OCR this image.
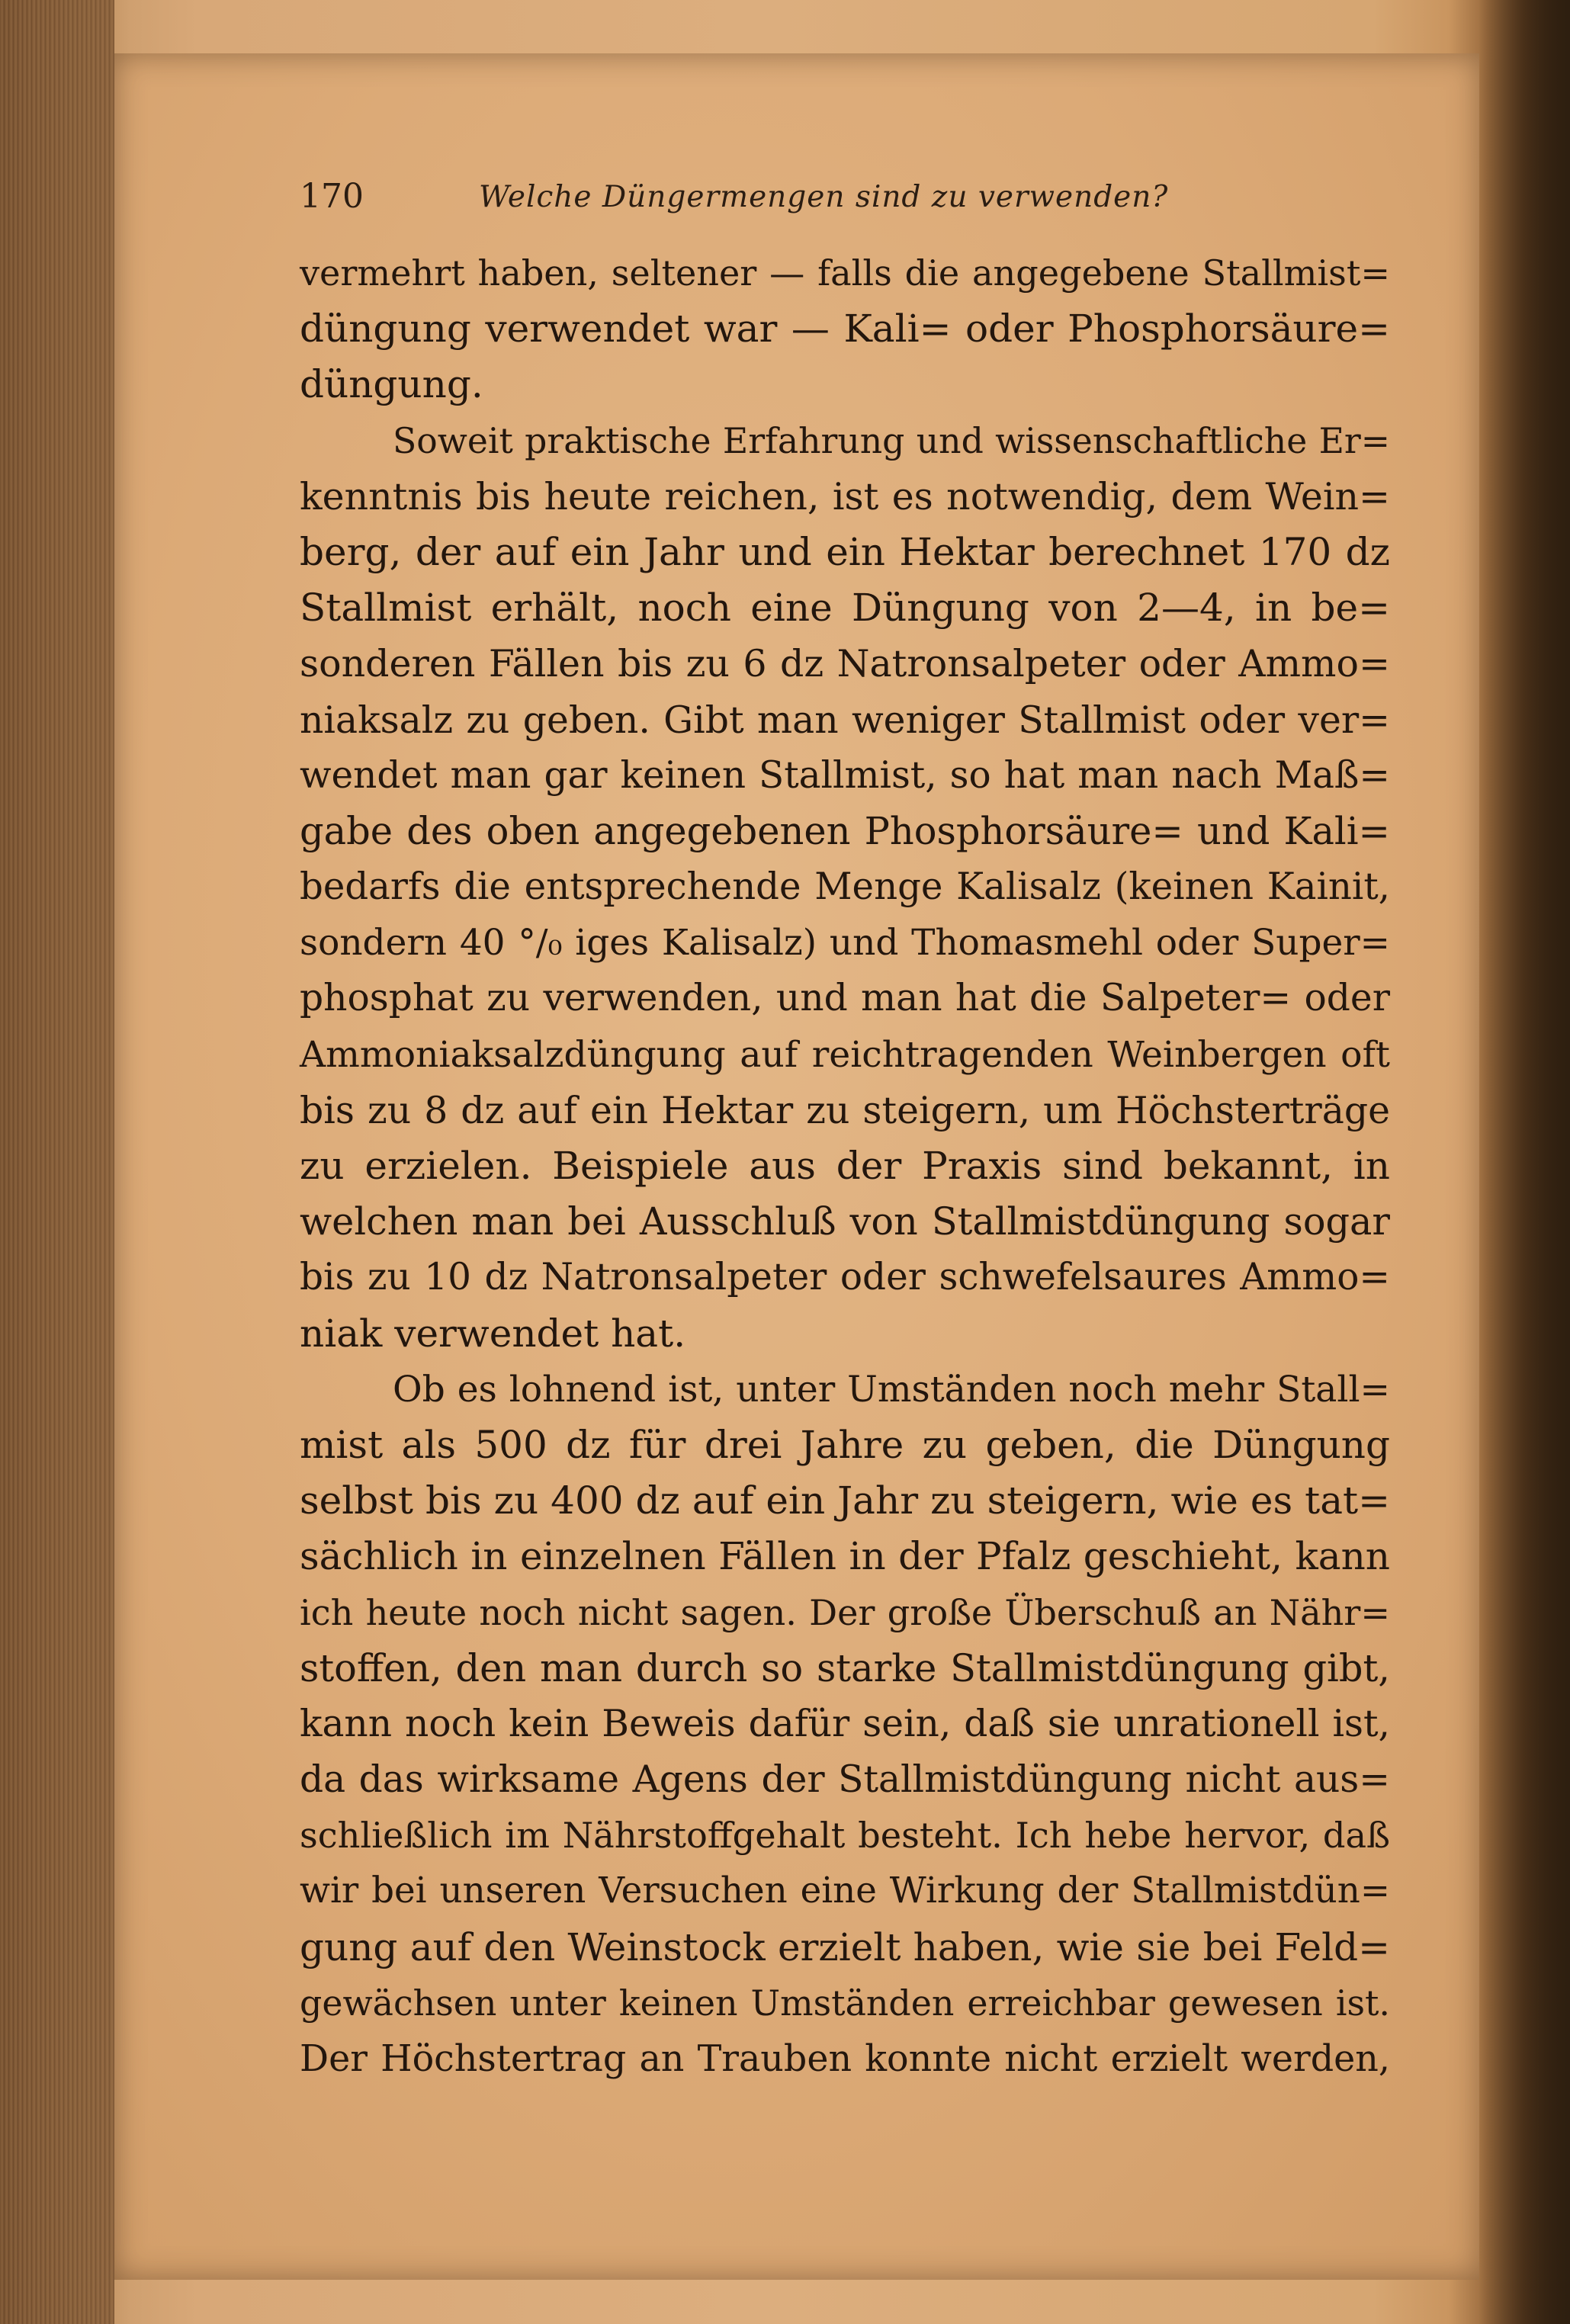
170	Welche Düngermengen sind zu verwenden?
vermehrt haben, seltener — falls die angegebene Stallmist=
düngung verwendet war — Kali= oder Phosphorsäure=
düngung.
Soweit praktische Erfahrung und wissenschaftliche Er=
kenntnis bis heute reichen, ist es notwendig, dem Wein=
berg, der auf ein Jahr und ein Hektar berechnet 170 dz
Stallmist erhält, noch eine Düngung von 2—4, in be=
sonderen Fällen bis zu 6 dz Natronsalpeter oder Ammo=
niaksalz zu geben. Gibt man weniger Stallmist oder ver=
wendet man gar keinen Stallmist, so hat man nach Maß=
gabe des oben angegebenen Phosphorsäure= und Kali=
bedarfs die entsprechende Menge Kalisalz (keinen Kainit,
sondern 40 °/₀ iges Kalisalz) und Thomasmehl oder Super=
phosphat zu verwenden, und man hat die Salpeter= oder
Ammoniaksalzdüngung auf reichtragenden Weinbergen oft
bis zu 8 dz auf ein Hektar zu steigern, um Höchsterträge
zu erzielen. Beispiele aus der Praxis sind bekannt, in
welchen man bei Ausschluß von Stallmistdüngung sogar
bis zu 10 dz Natronsalpeter oder schwefelsaures Ammo=
niak verwendet hat.
Ob es lohnend ist, unter Umständen noch mehr Stall=
mist als 500 dz für drei Jahre zu geben, die Düngung
selbst bis zu 400 dz auf ein Jahr zu steigern, wie es tat=
sächlich in einzelnen Fällen in der Pfalz geschieht, kann
ich heute noch nicht sagen. Der große Überschuß an Nähr=
stoffen, den man durch so starke Stallmistdüngung gibt,
kann noch kein Beweis dafür sein, daß sie unrationell ist,
da das wirksame Agens der Stallmistdüngung nicht aus=
schließlich im Nährstoffgehalt besteht. Ich hebe hervor, daß
wir bei unseren Versuchen eine Wirkung der Stallmistdün=
gung auf den Weinstock erzielt haben, wie sie bei Feld=
gewächsen unter keinen Umständen erreichbar gewesen ist.
Der Höchstertrag an Trauben konnte nicht erzielt werden,
